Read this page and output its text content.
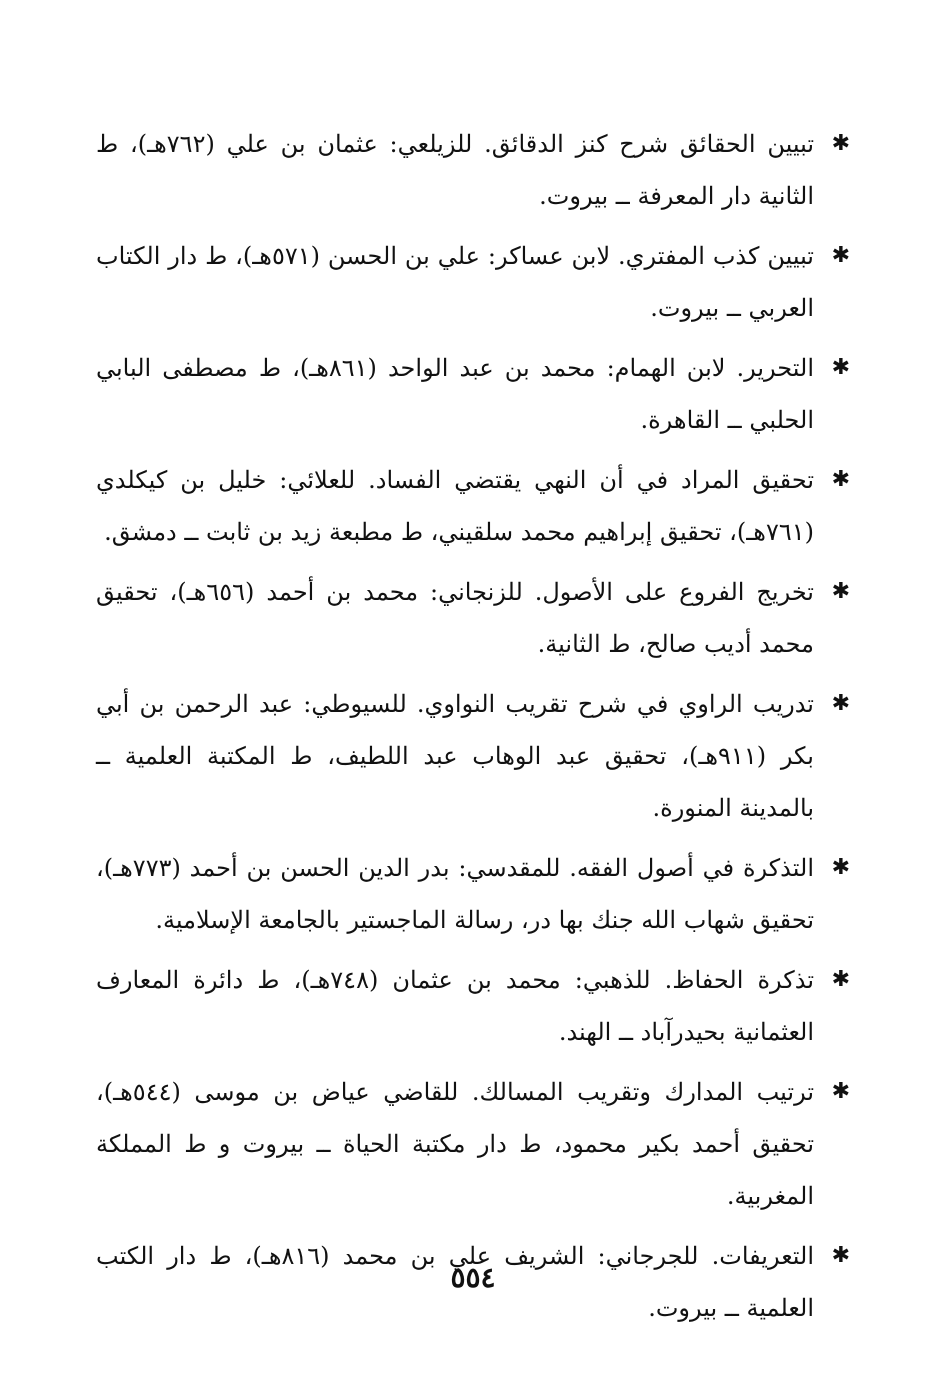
✱
تبيين الحقائق شرح كنز الدقائق. للزيلعي: عثمان بن علي (٧٦٢هـ)، ط الثانية دار المعرفة ــ بيروت.
✱
تبيين كذب المفتري. لابن عساكر: علي بن الحسن (٥٧١هـ)، ط دار الكتاب العربي ــ بيروت.
✱
التحرير. لابن الهمام: محمد بن عبد الواحد (٨٦١هـ)، ط مصطفى البابي الحلبي ــ القاهرة.
✱
تحقيق المراد في أن النهي يقتضي الفساد. للعلائي: خليل بن كيكلدي (٧٦١هـ)، تحقيق إبراهيم محمد سلقيني، ط مطبعة زيد بن ثابت ــ دمشق.
✱
تخريج الفروع على الأصول. للزنجاني: محمد بن أحمد (٦٥٦هـ)، تحقيق محمد أديب صالح، ط الثانية.
✱
تدريب الراوي في شرح تقريب النواوي. للسيوطي: عبد الرحمن بن أبي بكر (٩١١هـ)، تحقيق عبد الوهاب عبد اللطيف، ط المكتبة العلمية ــ بالمدينة المنورة.
✱
التذكرة في أصول الفقه. للمقدسي: بدر الدين الحسن بن أحمد (٧٧٣هـ)، تحقيق شهاب الله جنك بها در، رسالة الماجستير بالجامعة الإسلامية.
✱
تذكرة الحفاظ. للذهبي: محمد بن عثمان (٧٤٨هـ)، ط دائرة المعارف العثمانية بحيدرآباد ــ الهند.
✱
ترتيب المدارك وتقريب المسالك. للقاضي عياض بن موسى (٥٤٤هـ)، تحقيق أحمد بكير محمود، ط دار مكتبة الحياة ــ بيروت و ط المملكة المغربية.
✱
التعريفات. للجرجاني: الشريف علي بن محمد (٨١٦هـ)، ط دار الكتب العلمية ــ بيروت.
٥٥٤
